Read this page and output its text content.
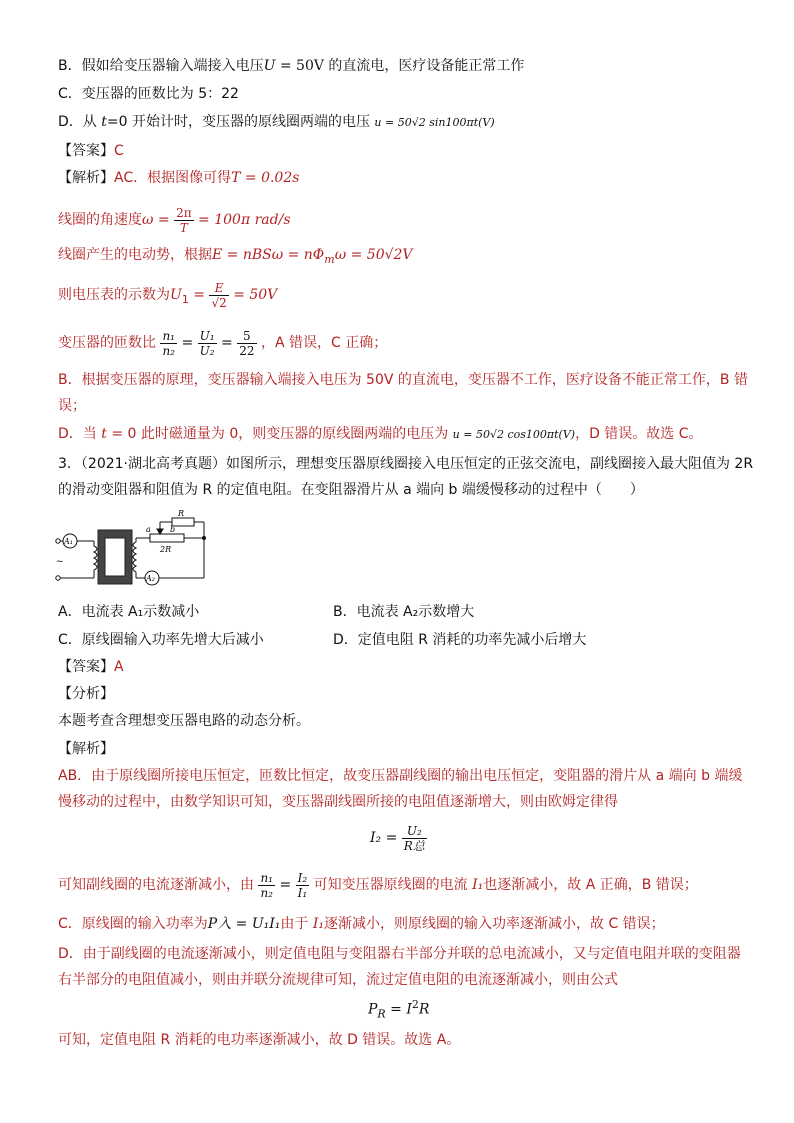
B．假如给变压器输入端接入电压U = 50V 的直流电，医疗设备能正常工作
C．变压器的匝数比为 5：22
D．从 t=0 开始计时，变压器的原线圈两端的电压 u = 50√2 sin100πt(V)
【答案】C
【解析】AC．根据图像可得T = 0.02s
线圈的角速度$\omega = \frac{2\pi}{T} = 100\pi$ rad/s
线圈产生的电动势，根据$E = nBS\omega = n\Phi_m\omega = 50√2V$
则电压表的示数为$U_1 = \frac{E}{√2} = 50V$
变压器的匝数比 $\frac{\text{n₁}}{\text{n₂}} = \frac{\text{U₁}}{\text{U₂}} = \frac{5}{22}$ ，A 错误，C 正确；
B．根据变压器的原理，变压器输入端接入电压为 50V 的直流电，变压器不工作，医疗设备不能正常工作，B 错
误；
D．当 t = 0 此时磁通量为 0，则变压器的原线圈两端的电压为 u = 50√2 cos100πt(V)，D 错误。故选 C。
3．（2021·湖北高考真题）如图所示，理想变压器原线圈接入电压恒定的正弦交流电，副线圈接入最大阻值为 2R
的滑动变阻器和阻值为 R 的定值电阻。在变阻器滑片从 a 端向 b 端缓慢移动的过程中（　　）
A₁
A₂
~
R
a b
2R
A．电流表 A₁示数减小	B．电流表 A₂示数增大
C．原线圈输入功率先增大后减小	D．定值电阻 R 消耗的功率先减小后增大
【答案】A
【分析】
本题考查含理想变压器电路的动态分析。
【解析】
AB．由于原线圈所接电压恒定，匝数比恒定，故变压器副线圈的输出电压恒定，变阻器的滑片从 a 端向 b 端缓
慢移动的过程中，由数学知识可知，变压器副线圈所接的电阻值逐渐增大，则由欧姆定律得
$I_2 = \frac{\text{U₂}}{\text{R总}}$
可知副线圈的电流逐渐减小，由 $\frac{\text{n₁}}{\text{n₂}} = \frac{\text{I₂}}{\text{I₁}}$ 可知变压器原线圈的电流 I₁也逐渐减小，故 A 正确，B 错误；
C．原线圈的输入功率为P入 = U₁I₁由于 I₁逐渐减小，则原线圈的输入功率逐渐减小，故 C 错误；
D．由于副线圈的电流逐渐减小，则定值电阻与变阻器右半部分并联的总电流减小，又与定值电阻并联的变阻器
右半部分的电阻值减小，则由并联分流规律可知，流过定值电阻的电流逐渐减小，则由公式
$P_R = I^2R$
可知，定值电阻 R 消耗的电功率逐渐减小，故 D 错误。故选 A。
